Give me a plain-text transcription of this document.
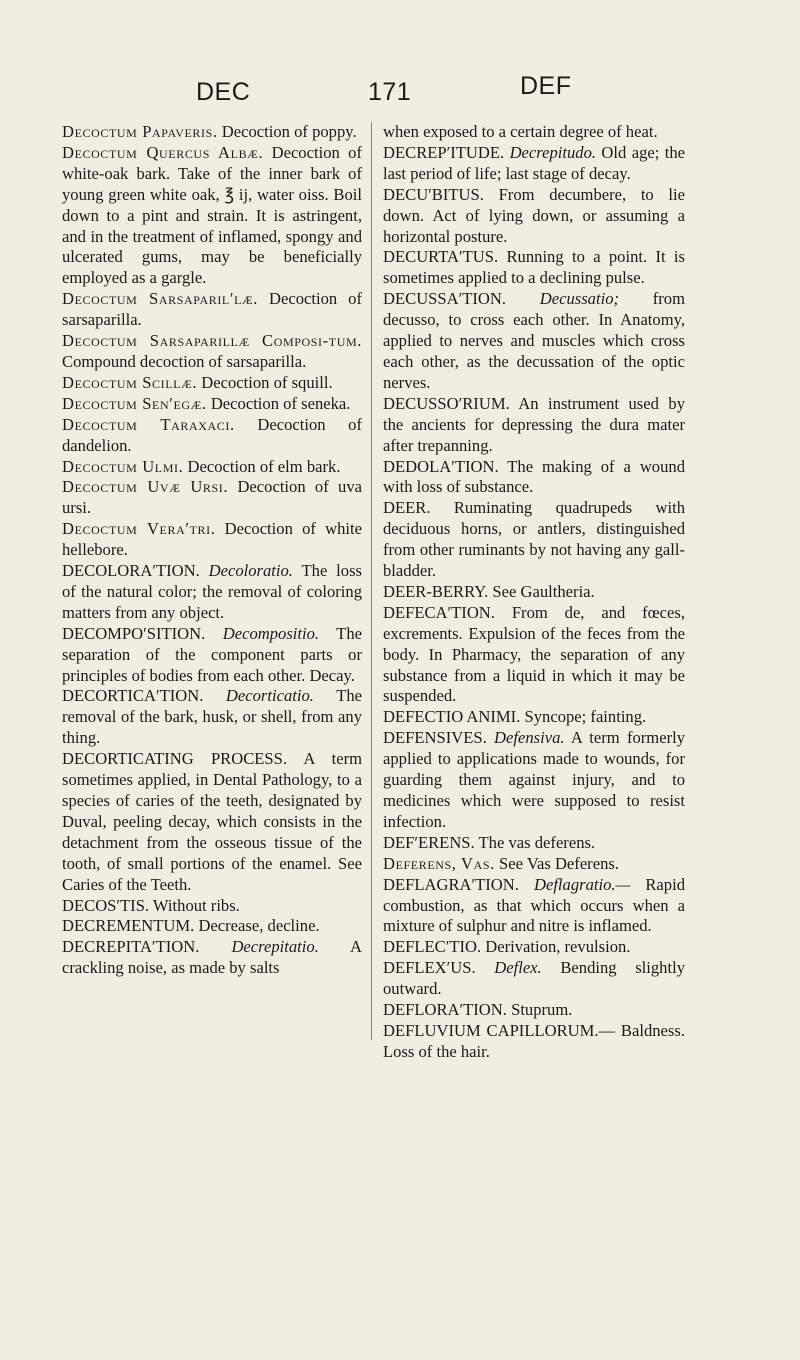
DEC	171	DEF

Decoctum Papaveris. Decoction of poppy.

Decoctum Quercus Albæ. Decoction of white-oak bark. Take of the inner bark of young green white oak, ℥ ij, water oiss. Boil down to a pint and strain. It is astringent, and in the treatment of inflamed, spongy and ulcerated gums, may be beneficially employed as a gargle.

Decoctum Sarsaparil′læ. Decoction of sarsaparilla.

Decoctum Sarsaparillæ Composi-tum. Compound decoction of sarsaparilla.

Decoctum Scillæ. Decoction of squill.

Decoctum Sen′egæ. Decoction of seneka.

Decoctum Taraxaci. Decoction of dandelion.

Decoctum Ulmi. Decoction of elm bark.

Decoctum Uvæ Ursi. Decoction of uva ursi.

Decoctum Vera′tri. Decoction of white hellebore.

DECOLORA′TION. Decoloratio. The loss of the natural color; the removal of coloring matters from any object.

DECOMPO′SITION. Decompositio. The separation of the component parts or principles of bodies from each other. Decay.

DECORTICA′TION. Decorticatio. The removal of the bark, husk, or shell, from any thing.

DECORTICATING PROCESS. A term sometimes applied, in Dental Pathology, to a species of caries of the teeth, designated by Duval, peeling decay, which consists in the detachment from the osseous tissue of the tooth, of small portions of the enamel. See Caries of the Teeth.

DECOS′TIS. Without ribs.

DECREMENTUM. Decrease, decline.

DECREPITA′TION. Decrepitatio. A crackling noise, as made by salts

when exposed to a certain degree of heat.

DECREP′ITUDE. Decrepitudo. Old age; the last period of life; last stage of decay.

DECU′BITUS. From decumbere, to lie down. Act of lying down, or assuming a horizontal posture.

DECURTA′TUS. Running to a point. It is sometimes applied to a declining pulse.

DECUSSA′TION. Decussatio; from decusso, to cross each other. In Anatomy, applied to nerves and muscles which cross each other, as the decussation of the optic nerves.

DECUSSO′RIUM. An instrument used by the ancients for depressing the dura mater after trepanning.

DEDOLA′TION. The making of a wound with loss of substance.

DEER. Ruminating quadrupeds with deciduous horns, or antlers, distinguished from other ruminants by not having any gall-bladder.

DEER-BERRY. See Gaultheria.

DEFECA′TION. From de, and fœces, excrements. Expulsion of the feces from the body. In Pharmacy, the separation of any substance from a liquid in which it may be suspended.

DEFECTIO ANIMI. Syncope; fainting.

DEFENSIVES. Defensiva. A term formerly applied to applications made to wounds, for guarding them against injury, and to medicines which were supposed to resist infection.

DEF′ERENS. The vas deferens.

Deferens, Vas. See Vas Deferens.

DEFLAGRA′TION. Deflagratio.— Rapid combustion, as that which occurs when a mixture of sulphur and nitre is inflamed.

DEFLEC′TIO. Derivation, revulsion.

DEFLEX′US. Deflex. Bending slightly outward.

DEFLORA′TION. Stuprum.

DEFLUVIUM CAPILLORUM.— Baldness. Loss of the hair.
